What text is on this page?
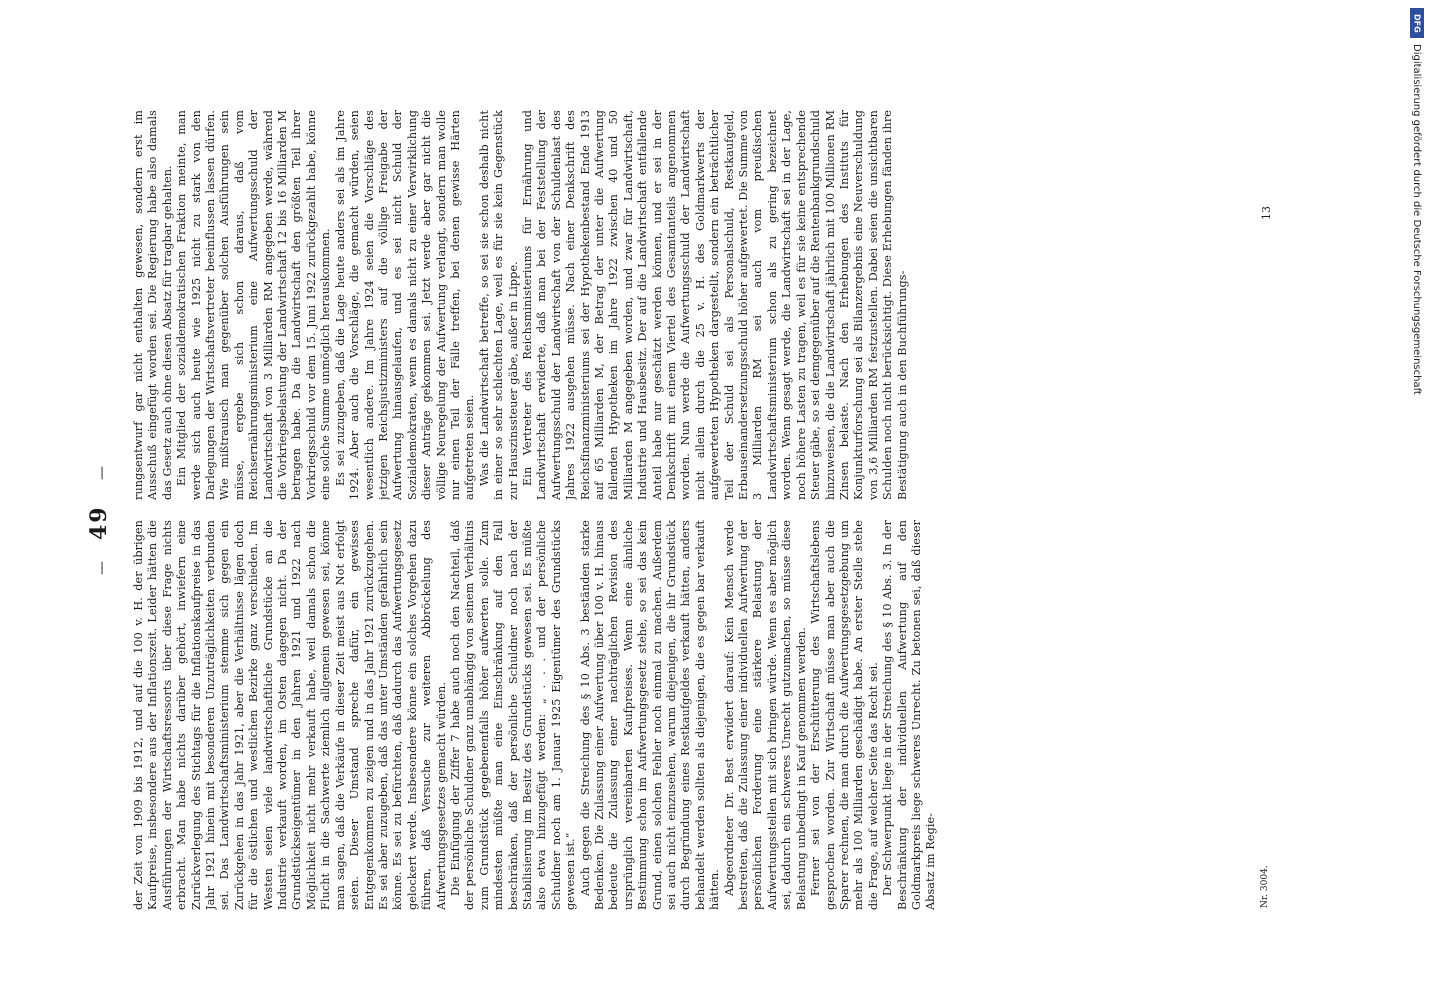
—
49
—

der Zeit von 1909 bis 1912, und auf die 100 v. H. der übrigen Kaufpreise, insbesondere aus der Inflationszeit. Leider hätten die Ausführungen der Wirtschaftsressorts über diese Frage nichts erbracht. Man habe nichts darüber gehört, inwiefern eine Zurückverlegung des Stichtags für die Inflationskaufpreise in das Jahr 1921 hinein mit besonderen Unzuträglichkeiten verbunden sei. Das Landwirtschaftsministerium stemme sich gegen ein Zurückgehen in das Jahr 1921, aber die Verhältnisse lägen doch für die östlichen und westlichen Bezirke ganz verschieden. Im Westen seien viele landwirtschaftliche Grundstücke an die Industrie verkauft worden, im Osten dagegen nicht. Da der Grundstückseigentümer in den Jahren 1921 und 1922 nach Möglichkeit nicht mehr verkauft habe, weil damals schon die Flucht in die Sachwerte ziemlich allgemein gewesen sei, könne man sagen, daß die Verkäufe in dieser Zeit meist aus Not erfolgt seien. Dieser Umstand spreche dafür, ein gewisses Entgegenkommen zu zeigen und in das Jahr 1921 zurückzugehen. Es sei aber zuzugeben, daß das unter Umständen gefährlich sein könne. Es sei zu befürchten, daß dadurch das Aufwertungsgesetz gelockert werde. Insbesondere könne ein solches Vorgehen dazu führen, daß Versuche zur weiteren Abbröckelung des Aufwertungsgesetzes gemacht würden. Die Einfügung der Ziffer 7 habe auch noch den Nachteil, daß der persönliche Schuldner ganz unabhängig von seinem Verhältnis zum Grundstück gegebenenfalls höher aufwerten solle. Zum mindesten müßte man eine Einschränkung auf den Fall beschränken, daß der persönliche Schuldner noch nach der Stabilisierung im Besitz des Grundstücks gewesen sei. Es müßte also etwa hinzugefügt werden: „ . . . und der persönliche Schuldner noch am 1. Januar 1925 Eigentümer des Grundstücks gewesen ist.“ Auch gegen die Streichung des § 10 Abs. 3 beständen starke Bedenken. Die Zulassung einer Aufwertung über 100 v. H. hinaus bedeute die Zulassung einer nachträglichen Revision des ursprünglich vereinbarten Kaufpreises. Wenn eine ähnliche Bestimmung schon im Aufwertungsgesetz stehe, so sei das kein Grund, einen solchen Fehler noch einmal zu machen. Außerdem sei auch nicht einzusehen, warum diejenigen, die ihr Grundstück durch Begründung eines Restkaufgeldes verkauft hätten, anders behandelt werden sollten als diejenigen, die es gegen bar verkauft hätten. Abgeordneter Dr. Best erwidert darauf: Kein Mensch werde bestreiten, daß die Zulassung einer individuellen Aufwertung der persönlichen Forderung eine stärkere Belastung der Aufwertungsstellen mit sich bringen würde. Wenn es aber möglich sei, dadurch ein schweres Unrecht gutzumachen, so müsse diese Belastung unbedingt in Kauf genommen werden. Ferner sei von der Erschütterung des Wirtschaftslebens gesprochen worden. Zur Wirtschaft müsse man aber auch die Sparer rechnen, die man durch die Aufwertungsgesetzgebung um mehr als 100 Milliarden geschädigt habe. An erster Stelle stehe die Frage, auf welcher Seite das Recht sei. Der Schwerpunkt liege in der Streichung des § 10 Abs. 3. In der Beschränkung der individuellen Aufwertung auf den Goldmarkpreis liege schweres Unrecht. Zu betonen sei, daß dieser Absatz im Regie-

rungsentwurf gar nicht enthalten gewesen, sondern erst im Ausschuß eingefügt worden sei. Die Regierung habe also damals das Gesetz auch ohne diesen Absatz für tragbar gehalten. Ein Mitglied der sozialdemokratischen Fraktion meinte, man werde sich auch heute wie 1925 nicht zu stark von den Darlegungen der Wirtschaftsvertreter beeinflussen lassen dürfen. Wie mißtrauisch man gegenüber solchen Ausführungen sein müsse, ergebe sich schon daraus, daß vom Reichsernährungsministerium eine Aufwertungsschuld der Landwirtschaft von 3 Milliarden RM angegeben werde, während die Vorkriegsbelastung der Landwirtschaft 12 bis 16 Milliarden M betragen habe. Da die Landwirtschaft den größten Teil ihrer Vorkriegsschuld vor dem 15. Juni 1922 zurückgezahlt habe, könne eine solche Summe unmöglich herauskommen. Es sei zuzugeben, daß die Lage heute anders sei als im Jahre 1924. Aber auch die Vorschläge, die gemacht würden, seien wesentlich andere. Im Jahre 1924 seien die Vorschläge des jetzigen Reichsjustizministers auf die völlige Freigabe der Aufwertung hinausgelaufen, und es sei nicht Schuld der Sozialdemokraten, wenn es damals nicht zu einer Verwirklichung dieser Anträge gekommen sei. Jetzt werde aber gar nicht die völlige Neuregelung der Aufwertung verlangt, sondern man wolle nur einen Teil der Fälle treffen, bei denen gewisse Härten aufgetreten seien. Was die Landwirtschaft betreffe, so sei sie schon deshalb nicht in einer so sehr schlechten Lage, weil es für sie kein Gegenstück zur Hauszinssteuer gäbe, außer in Lippe. Ein Vertreter des Reichsministeriums für Ernährung und Landwirtschaft erwiderte, daß man bei der Feststellung der Aufwertungsschuld der Landwirtschaft von der Schuldenlast des Jahres 1922 ausgehen müsse. Nach einer Denkschrift des Reichsfinanzministeriums sei der Hypothekenbestand Ende 1913 auf 65 Milliarden M, der Betrag der unter die Aufwertung fallenden Hypotheken im Jahre 1922 zwischen 40 und 50 Milliarden M angegeben worden, und zwar für Landwirtschaft, Industrie und Hausbesitz. Der auf die Landwirtschaft entfallende Anteil habe nur geschätzt werden können, und er sei in der Denkschrift mit einem Viertel des Gesamtanteils angenommen worden. Nun werde die Aufwertungsschuld der Landwirtschaft nicht allein durch die 25 v. H. des Goldmarkwerts der aufgewerteten Hypotheken dargestellt, sondern ein beträchtlicher Teil der Schuld sei als Personalschuld, Restkaufgeld, Erbauseinandersetzungsschuld höher aufgewertet. Die Summe von 3 Milliarden RM sei auch vom preußischen Landwirtschaftsministerium schon als zu gering bezeichnet worden. Wenn gesagt werde, die Landwirtschaft sei in der Lage, noch höhere Lasten zu tragen, weil es für sie keine entsprechende Steuer gäbe, so sei demgegenüber auf die Rentenbankgrundschuld hinzuweisen, die die Landwirtschaft jährlich mit 100 Millionen RM Zinsen belaste. Nach den Erhebungen des Instituts für Konjunkturforschung sei als Bilanzergebnis eine Neuverschuldung von 3,6 Milliarden RM festzustellen. Dabei seien die unsichtbaren Schulden noch nicht berücksichtigt. Diese Erhebungen fänden ihre Bestätigung auch in den Buchführungs-

Nr. 3004.
13
DFG
Digitalisierung gefördert durch die Deutsche Forschungsgemeinschaft
